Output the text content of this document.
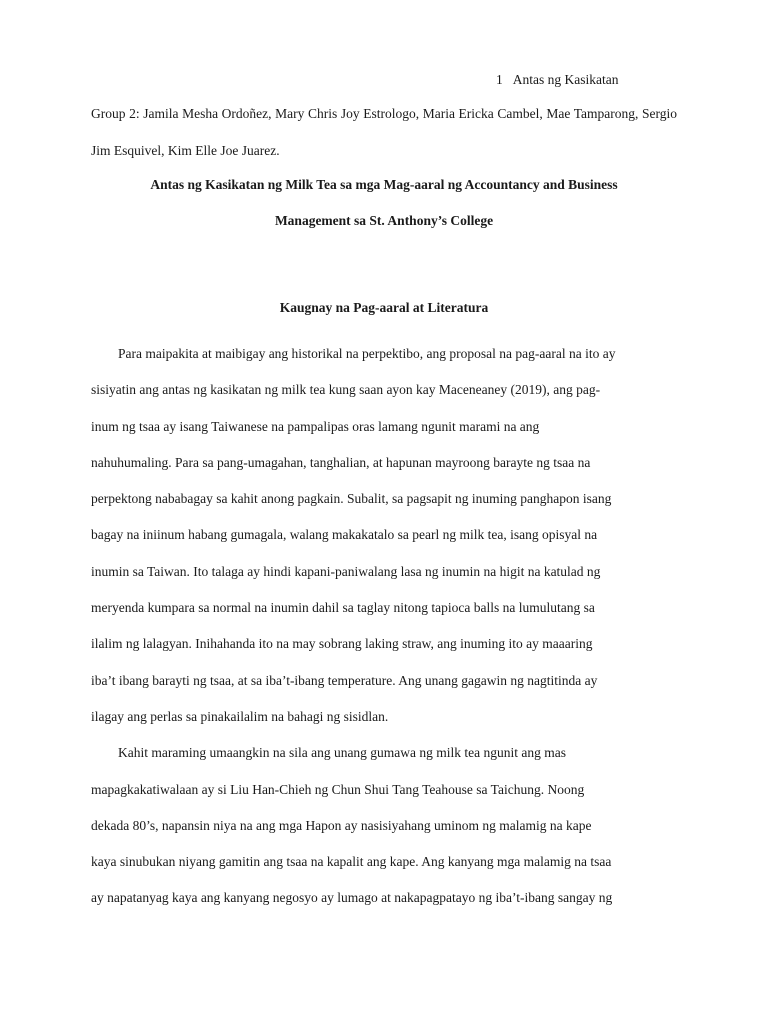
1 Antas ng Kasikatan
Group 2: Jamila Mesha Ordoñez, Mary Chris Joy Estrologo, Maria Ericka Cambel, Mae Tamparong, Sergio Jim Esquivel, Kim Elle Joe Juarez.
Antas ng Kasikatan ng Milk Tea sa mga Mag-aaral ng Accountancy and Business
Management sa St. Anthony’s College
Kaugnay na Pag-aaral at Literatura
Para maipakita at maibigay ang historikal na perpektibo, ang proposal na pag-aaral na ito ay
sisiyatin ang antas ng kasikatan ng milk tea kung saan ayon kay Maceneaney (2019), ang pag-
inum ng tsaa ay isang Taiwanese na pampalipas oras lamang ngunit marami na ang
nahuhumaling. Para sa pang-umagahan, tanghalian, at hapunan mayroong barayte ng tsaa na
perpektong nababagay sa kahit anong pagkain. Subalit, sa pagsapit ng inuming panghapon isang
bagay na iniinum habang gumagala, walang makakatalo sa pearl ng milk tea, isang opisyal na
inumin sa Taiwan. Ito talaga ay hindi kapani-paniwalang lasa ng inumin na higit na katulad ng
meryenda kumpara sa normal na inumin dahil sa taglay nitong tapioca balls na lumulutang sa
ilalim ng lalagyan. Inihahanda ito na may sobrang laking straw, ang inuming ito ay maaaring
iba’t ibang barayti ng tsaa, at sa iba’t-ibang temperature. Ang unang gagawin ng nagtitinda ay
ilagay ang perlas sa pinakailalim na bahagi ng sisidlan.
Kahit maraming umaangkin na sila ang unang gumawa ng milk tea ngunit ang mas
mapagkakatiwalaan ay si Liu Han-Chieh ng Chun Shui Tang Teahouse sa Taichung. Noong
dekada 80’s, napansin niya na ang mga Hapon ay nasisiyahang uminom ng malamig na kape
kaya sinubukan niyang gamitin ang tsaa na kapalit ang kape. Ang kanyang mga malamig na tsaa
ay napatanyag kaya ang kanyang negosyo ay lumago at nakapagpatayo ng iba’t-ibang sangay ng
